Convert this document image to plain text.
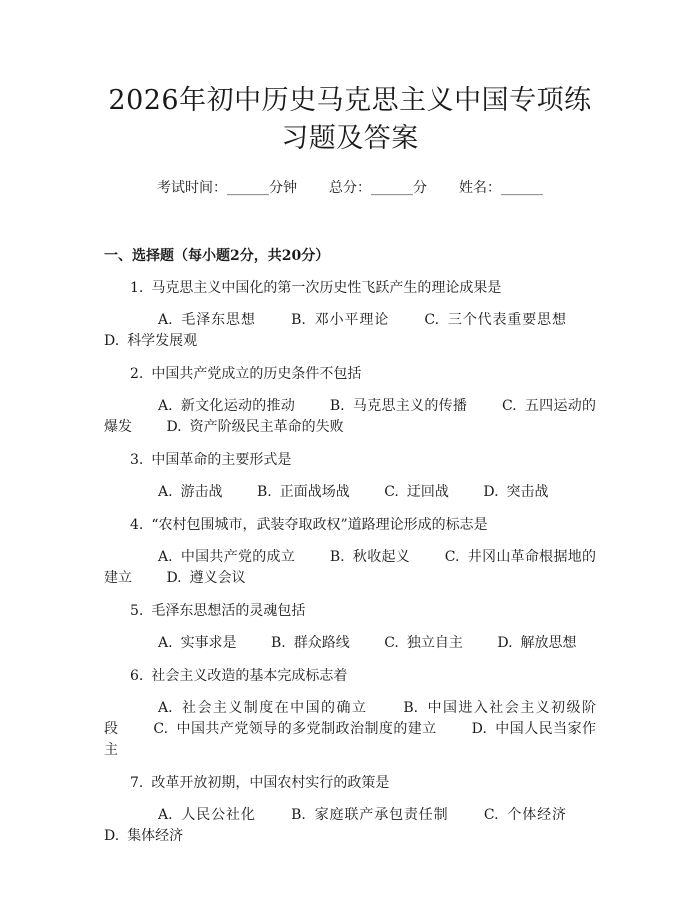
2026年初中历史马克思主义中国专项练习题及答案
考试时间：______分钟 总分：______分 姓名：______
一、选择题（每小题2分，共20分）
1. 马克思主义中国化的第一次历史性飞跃产生的理论成果是
A. 毛泽东思想	B. 邓小平理论	C. 三个代表重要思想 D. 科学发展观
2. 中国共产党成立的历史条件不包括
A. 新文化运动的推动 B. 马克思主义的传播 C. 五四运动的爆发 D. 资产阶级民主革命的失败
3. 中国革命的主要形式是
A. 游击战 B. 正面战场战 C. 迂回战 D. 突击战
4. “农村包围城市，武装夺取政权”道路理论形成的标志是
A. 中国共产党的成立 B. 秋收起义 C. 井冈山革命根据地的建立 D. 遵义会议
5. 毛泽东思想活的灵魂包括
A. 实事求是 B. 群众路线 C. 独立自主 D. 解放思想
6. 社会主义改造的基本完成标志着
A. 社会主义制度在中国的确立	B. 中国进入社会主义初级阶段 C. 中国共产党领导的多党制政治制度的建立 D. 中国人民当家作主
7. 改革开放初期，中国农村实行的政策是
A. 人民公社化	B. 家庭联产承包责任制	C. 个体经济 D. 集体经济
